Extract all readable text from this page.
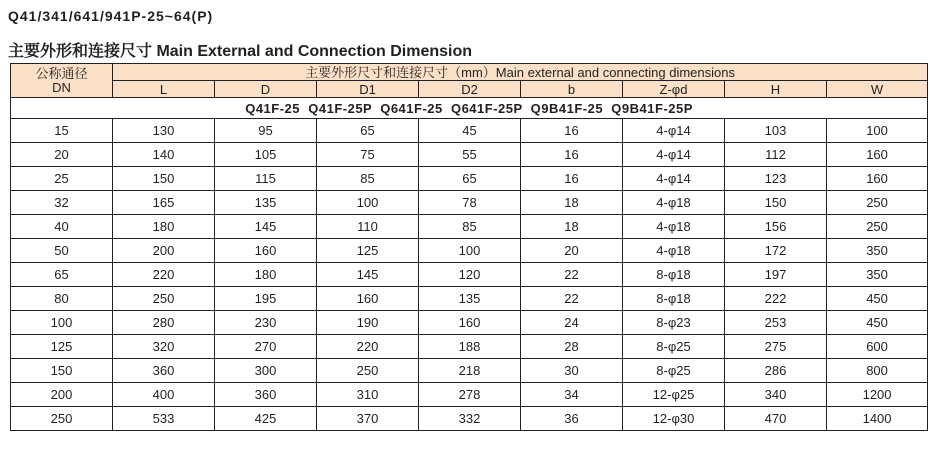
Q41/341/641/941P-25~64(P)

主要外形和连接尺寸 Main External and Connection Dimension
公称通径
DN	主要外形尺寸和连接尺寸（mm）Main external and connecting dimensions							
	L	D	D1	D2	b	Z-φd	H	W
Q41F-25  Q41F-25P  Q641F-25  Q641F-25P  Q9B41F-25  Q9B41F-25P								
15	130	95	65	45	16	4-φ14	103	100
20	140	105	75	55	16	4-φ14	112	160
25	150	115	85	65	16	4-φ14	123	160
32	165	135	100	78	18	4-φ18	150	250
40	180	145	110	85	18	4-φ18	156	250
50	200	160	125	100	20	4-φ18	172	350
65	220	180	145	120	22	8-φ18	197	350
80	250	195	160	135	22	8-φ18	222	450
100	280	230	190	160	24	8-φ23	253	450
125	320	270	220	188	28	8-φ25	275	600
150	360	300	250	218	30	8-φ25	286	800
200	400	360	310	278	34	12-φ25	340	1200
250	533	425	370	332	36	12-φ30	470	1400
